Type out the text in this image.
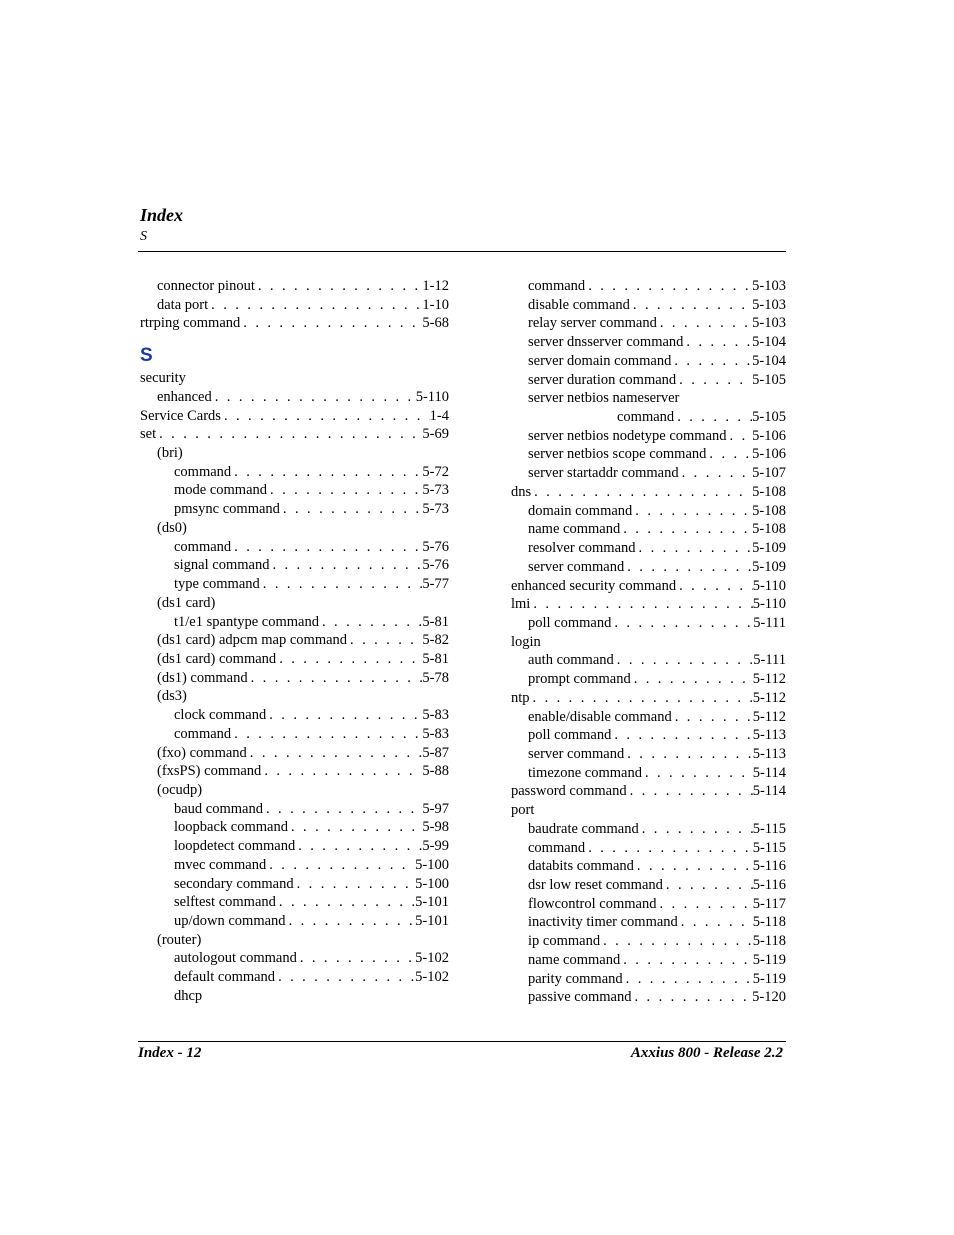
Index
S
connector pinout . . .	1-12
data port . . .	1-10
rtrping command . . .	5-68
S
security
enhanced . . .	5-110
Service Cards . . .	1-4
set . . .	5-69
(bri)
command . . .	5-72
mode command . . .	5-73
pmsync command . . .	5-73
(ds0)
command . . .	5-76
signal command . . .	5-76
type command . . .	5-77
(ds1 card)
t1/e1 spantype command . . .	5-81
(ds1 card) adpcm map command . . .	5-82
(ds1 card) command . . .	5-81
(ds1) command . . .	5-78
(ds3)
clock command . . .	5-83
command . . .	5-83
(fxo) command . . .	5-87
(fxsPS) command . . .	5-88
(ocudp)
baud command . . .	5-97
loopback command . . .	5-98
loopdetect command . . .	5-99
mvec command . . .	5-100
secondary command . . .	5-100
selftest command . . .	5-101
up/down command . . .	5-101
(router)
autologout command . . .	5-102
default command . . .	5-102
dhcp
command . . .	5-103
disable command . . .	5-103
relay server command . . .	5-103
server dnsserver command . . .	5-104
server domain command . . .	5-104
server duration command . . .	5-105
server netbios nameserver
command . . .	5-105
server netbios nodetype command . . . 5-106
server netbios scope command . . .	5-106
server startaddr command . . .	5-107
dns . . .	5-108
domain command . . .	5-108
name command . . .	5-108
resolver command . . .	5-109
server command . . .	5-109
enhanced security command . . .	5-110
lmi . . .	5-110
poll command . . .	5-111
login
auth command . . .	5-111
prompt command . . .	5-112
ntp . . .	5-112
enable/disable command . . .	5-112
poll command . . .	5-113
server command . . .	5-113
timezone command . . .	5-114
password command . . .	5-114
port
baudrate command . . .	5-115
command . . .	5-115
databits command . . .	5-116
dsr low reset command . . .	5-116
flowcontrol command . . .	5-117
inactivity timer command . . .	5-118
ip command . . .	5-118
name command . . .	5-119
parity command . . .	5-119
passive command . . .	5-120
Index - 12	Axxius 800 - Release 2.2
